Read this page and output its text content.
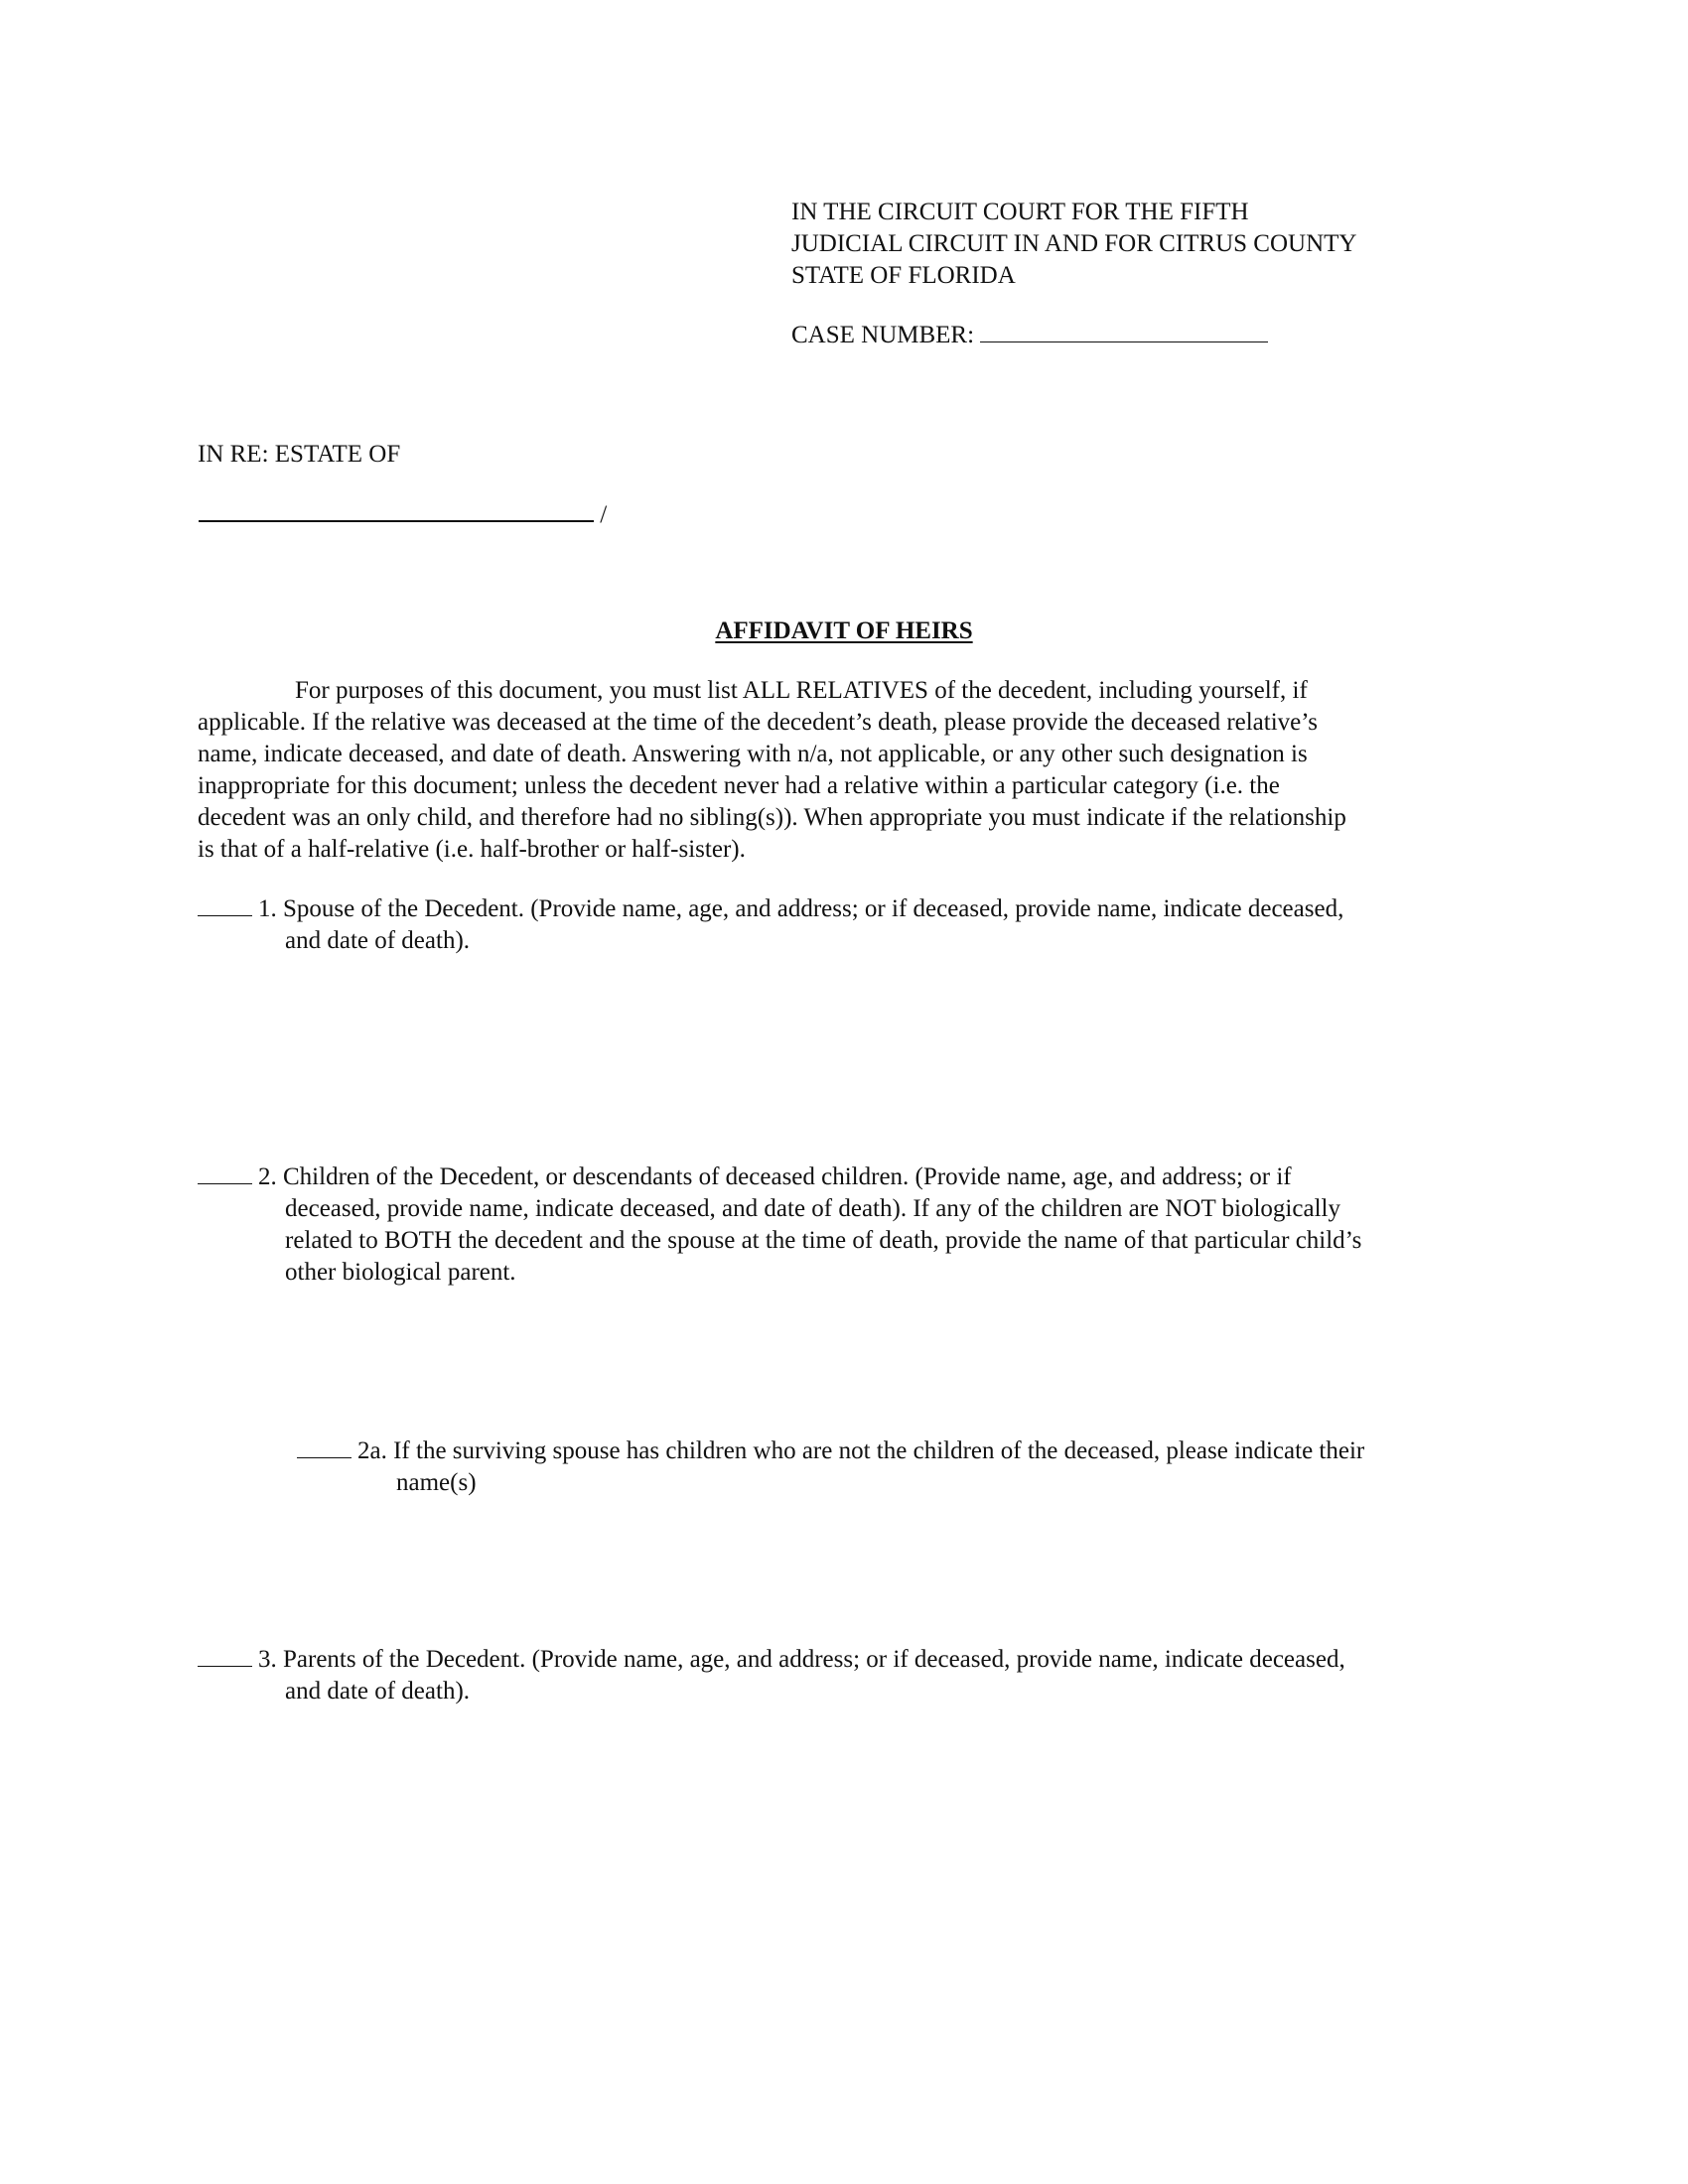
IN THE CIRCUIT COURT FOR THE FIFTH
JUDICIAL CIRCUIT IN AND FOR CITRUS COUNTY
STATE OF FLORIDA
CASE NUMBER:
IN RE: ESTATE OF
/
AFFIDAVIT OF HEIRS
For purposes of this document, you must list ALL RELATIVES of the decedent, including yourself, if
applicable. If the relative was deceased at the time of the decedent’s death, please provide the deceased relative’s
name, indicate deceased, and date of death. Answering with n/a, not applicable, or any other such designation is
inappropriate for this document; unless the decedent never had a relative within a particular category (i.e. the
decedent was an only child, and therefore had no sibling(s)). When appropriate you must indicate if the relationship
is that of a half-relative (i.e. half-brother or half-sister).
1. Spouse of the Decedent. (Provide name, age, and address; or if deceased, provide name, indicate deceased,
and date of death).
2. Children of the Decedent, or descendants of deceased children. (Provide name, age, and address; or if
deceased, provide name, indicate deceased, and date of death). If any of the children are NOT biologically
related to BOTH the decedent and the spouse at the time of death, provide the name of that particular child’s
other biological parent.
2a. If the surviving spouse has children who are not the children of the deceased, please indicate their
name(s)
3. Parents of the Decedent. (Provide name, age, and address; or if deceased, provide name, indicate deceased,
and date of death).
